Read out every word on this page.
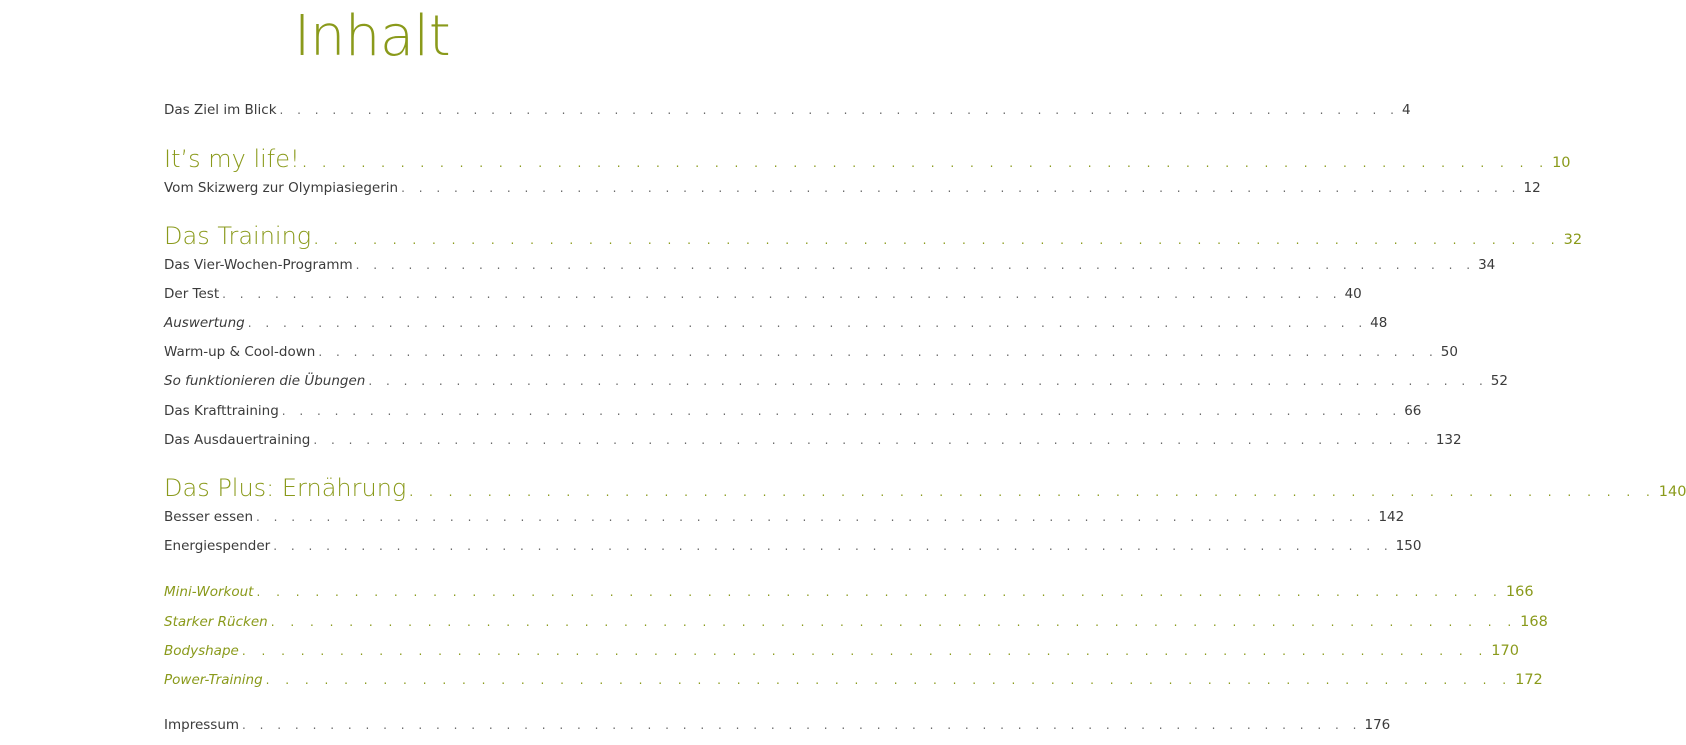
Inhalt
Das Ziel im Blick . . . . . . . . . . . . . . . . . . . . . . . . . . . . . . . . . . . . . . . . . . . . . . . . . . . . . . . . . . . . . . . . 4
It’s my life! . . . . . . . . . . . . . . . . . . . . . . . . . . . . . . . . . . . . . . . . . . . . . . . . . . . . . . . . . . . . . . . . 10
Vom Skizwerg zur Olympiasiegerin . . . . . . . . . . . . . . . . . . . . . . . . . . . . . . . . . . . . . . . . . . . . . . . . . . . . . . . . . . . . . . . . 12
Das Training . . . . . . . . . . . . . . . . . . . . . . . . . . . . . . . . . . . . . . . . . . . . . . . . . . . . . . . . . . . . . . . . 32
Das Vier-Wochen-Programm . . . . . . . . . . . . . . . . . . . . . . . . . . . . . . . . . . . . . . . . . . . . . . . . . . . . . . . . . . . . . . . . 34
Der Test . . . . . . . . . . . . . . . . . . . . . . . . . . . . . . . . . . . . . . . . . . . . . . . . . . . . . . . . . . . . . . . . 40
Auswertung . . . . . . . . . . . . . . . . . . . . . . . . . . . . . . . . . . . . . . . . . . . . . . . . . . . . . . . . . . . . . . . . 48
Warm-up & Cool-down . . . . . . . . . . . . . . . . . . . . . . . . . . . . . . . . . . . . . . . . . . . . . . . . . . . . . . . . . . . . . . . . 50
So funktionieren die Übungen . . . . . . . . . . . . . . . . . . . . . . . . . . . . . . . . . . . . . . . . . . . . . . . . . . . . . . . . . . . . . . . . 52
Das Krafttraining . . . . . . . . . . . . . . . . . . . . . . . . . . . . . . . . . . . . . . . . . . . . . . . . . . . . . . . . . . . . . . . . 66
Das Ausdauertraining . . . . . . . . . . . . . . . . . . . . . . . . . . . . . . . . . . . . . . . . . . . . . . . . . . . . . . . . . . . . . . . . 132
Das Plus: Ernährung . . . . . . . . . . . . . . . . . . . . . . . . . . . . . . . . . . . . . . . . . . . . . . . . . . . . . . . . . . . . . . . . 140
Besser essen . . . . . . . . . . . . . . . . . . . . . . . . . . . . . . . . . . . . . . . . . . . . . . . . . . . . . . . . . . . . . . . . 142
Energiespender . . . . . . . . . . . . . . . . . . . . . . . . . . . . . . . . . . . . . . . . . . . . . . . . . . . . . . . . . . . . . . . . 150
Mini-Workout . . . . . . . . . . . . . . . . . . . . . . . . . . . . . . . . . . . . . . . . . . . . . . . . . . . . . . . . . . . . . . . . 166
Starker Rücken . . . . . . . . . . . . . . . . . . . . . . . . . . . . . . . . . . . . . . . . . . . . . . . . . . . . . . . . . . . . . . . . 168
Bodyshape . . . . . . . . . . . . . . . . . . . . . . . . . . . . . . . . . . . . . . . . . . . . . . . . . . . . . . . . . . . . . . . . 170
Power-Training . . . . . . . . . . . . . . . . . . . . . . . . . . . . . . . . . . . . . . . . . . . . . . . . . . . . . . . . . . . . . . . . 172
Impressum . . . . . . . . . . . . . . . . . . . . . . . . . . . . . . . . . . . . . . . . . . . . . . . . . . . . . . . . . . . . . . . . 176
